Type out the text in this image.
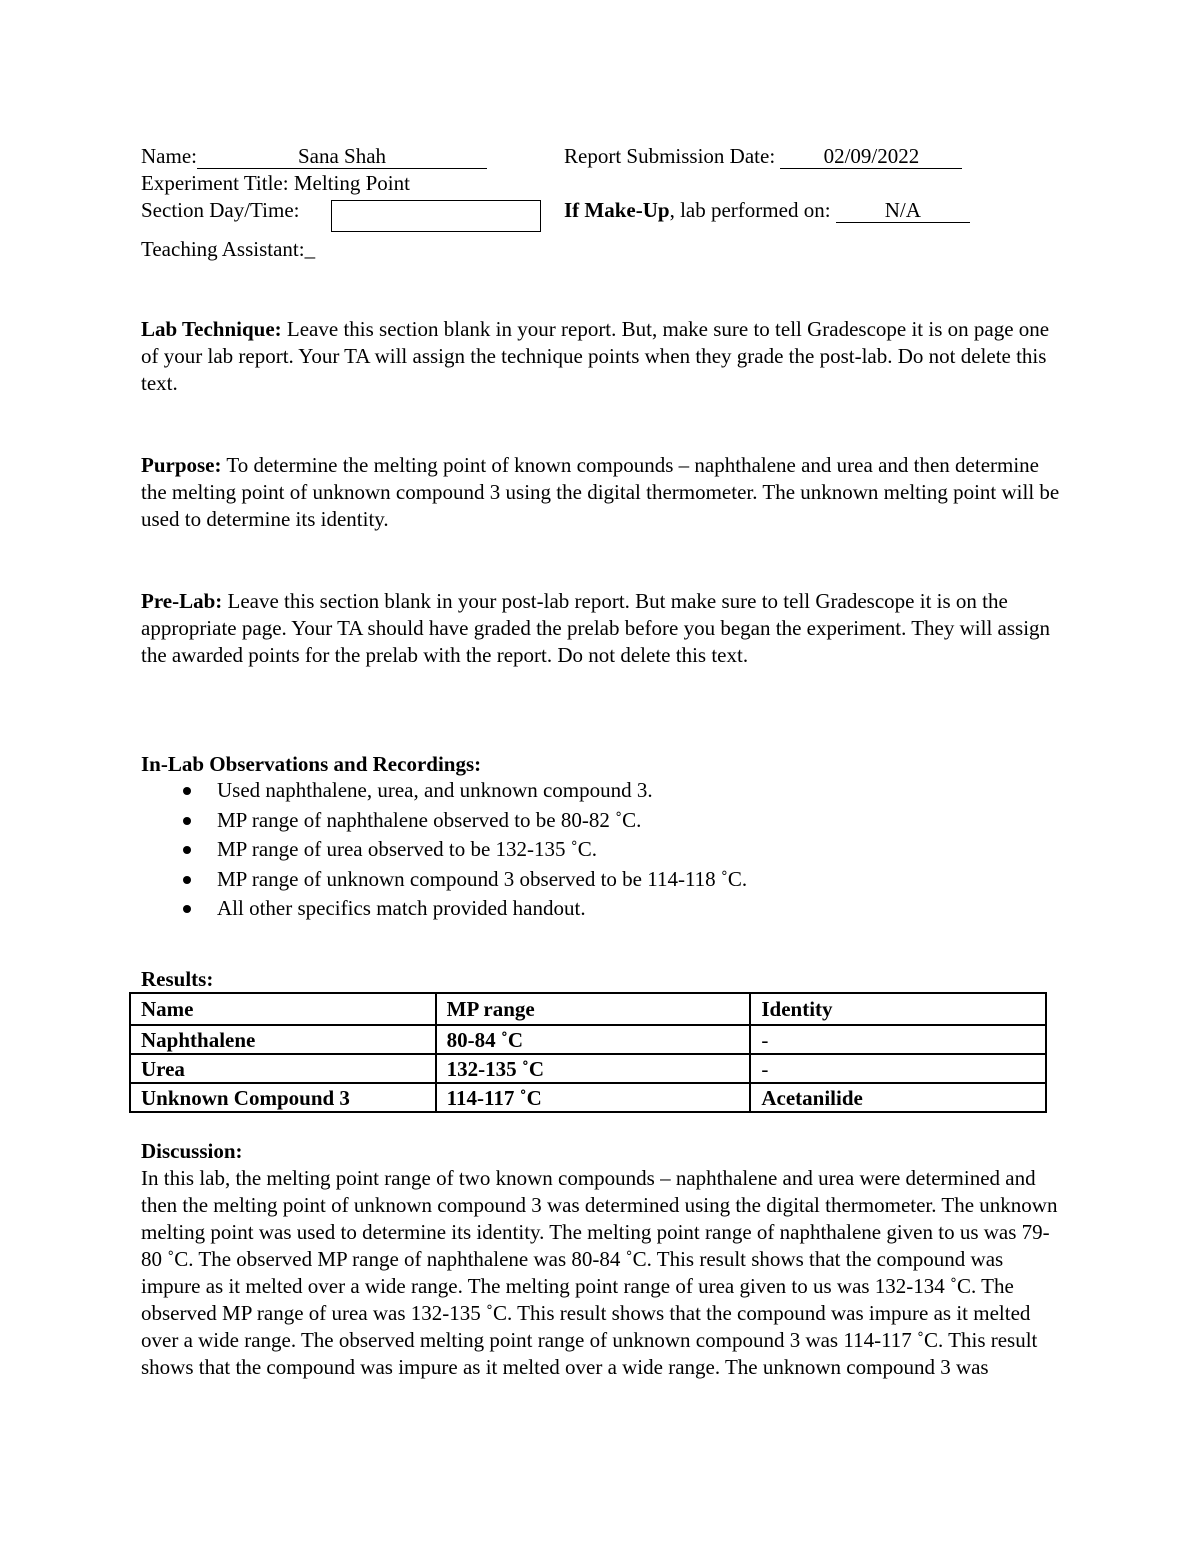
Name:	Sana Shah	Report Submission Date: 02/09/2022
Experiment Title: Melting Point
Section Day/Time:	If Make-Up, lab performed on:	N/A
Teaching Assistant:_
Lab Technique: Leave this section blank in your report. But, make sure to tell Gradescope it is on page one of your lab report. Your TA will assign the technique points when they grade the post-lab. Do not delete this text.
Purpose: To determine the melting point of known compounds – naphthalene and urea and then determine the melting point of unknown compound 3 using the digital thermometer. The unknown melting point will be used to determine its identity.
Pre-Lab: Leave this section blank in your post-lab report. But make sure to tell Gradescope it is on the appropriate page. Your TA should have graded the prelab before you began the experiment. They will assign the awarded points for the prelab with the report. Do not delete this text.
In-Lab Observations and Recordings:
Used naphthalene, urea, and unknown compound 3.
MP range of naphthalene observed to be 80-82 ˚C.
MP range of urea observed to be 132-135 ˚C.
MP range of unknown compound 3 observed to be 114-118 ˚C.
All other specifics match provided handout.
Results:
Name	MP range	Identity
Naphthalene	80-84 ˚C	-
Urea	132-135 ˚C	-
Unknown Compound 3	114-117 ˚C	Acetanilide
Discussion:
In this lab, the melting point range of two known compounds – naphthalene and urea were determined and then the melting point of unknown compound 3 was determined using the digital thermometer. The unknown melting point was used to determine its identity. The melting point range of naphthalene given to us was 79-80 ˚C. The observed MP range of naphthalene was 80-84 ˚C. This result shows that the compound was impure as it melted over a wide range. The melting point range of urea given to us was 132-134 ˚C. The observed MP range of urea was 132-135 ˚C. This result shows that the compound was impure as it melted over a wide range. The observed melting point range of unknown compound 3 was 114-117 ˚C. This result shows that the compound was impure as it melted over a wide range. The unknown compound 3 was
